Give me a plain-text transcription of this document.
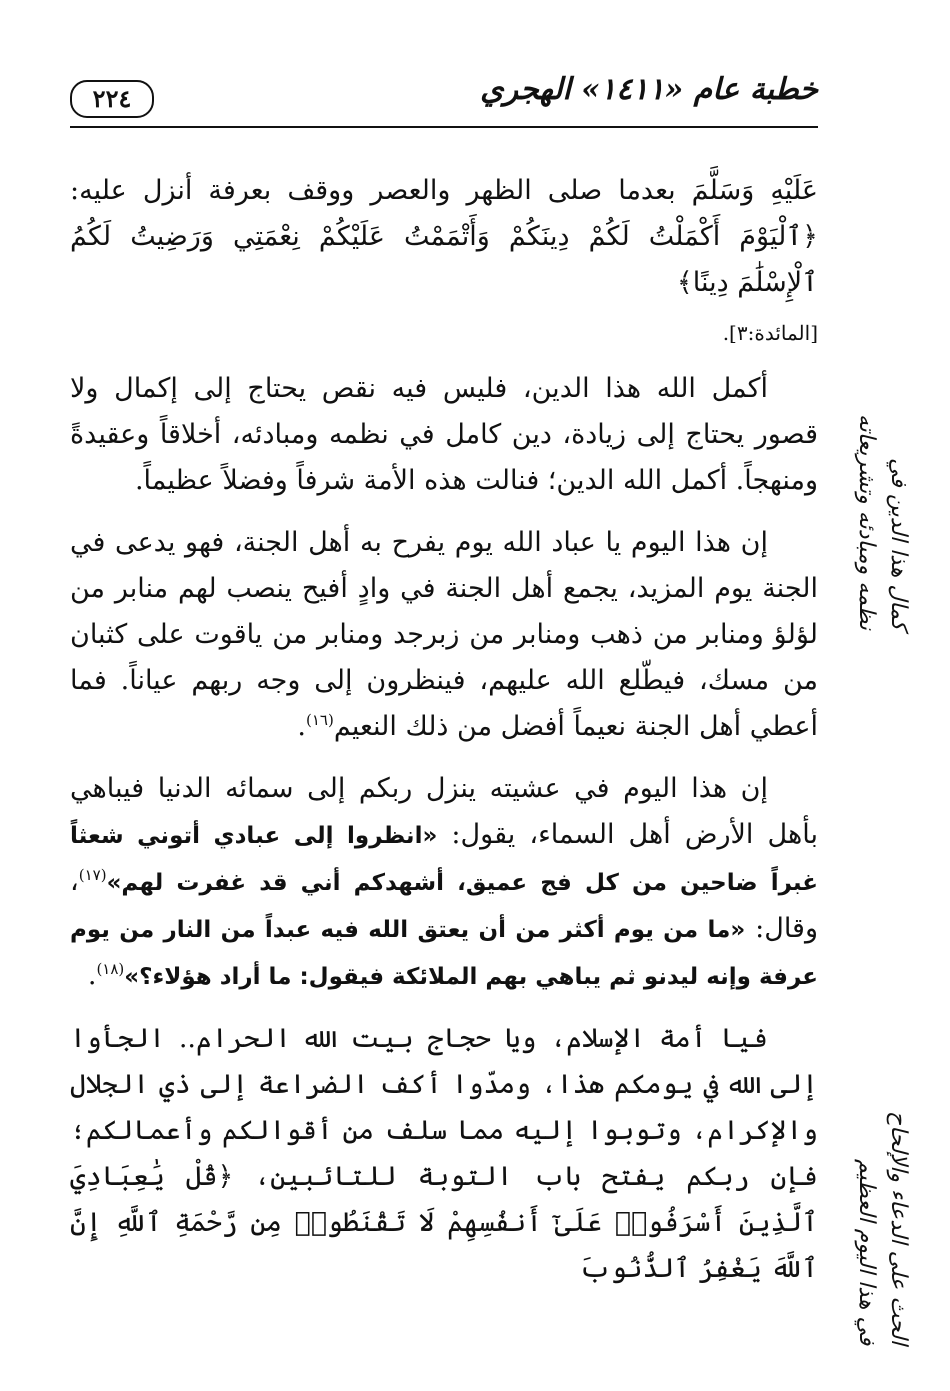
٢٢٤	خطبة عام «١٤١١» الهجري

عَلَيْهِ وَسَلَّمَ بعدما صلى الظهر والعصر ووقف بعرفة أنزل عليه: ﴿ٱلْيَوْمَ أَكْمَلْتُ لَكُمْ دِينَكُمْ وَأَتْمَمْتُ عَلَيْكُمْ نِعْمَتِي وَرَضِيتُ لَكُمُ ٱلْإِسْلَٰمَ دِينًا﴾

[المائدة:٣].

أكمل الله هذا الدين، فليس فيه نقص يحتاج إلى إكمال ولا قصور يحتاج إلى زيادة، دين كامل في نظمه ومبادئه، أخلاقاً وعقيدةً ومنهجاً. أكمل الله الدين؛ فنالت هذه الأمة شرفاً وفضلاً عظيماً.

إن هذا اليوم يا عباد الله يوم يفرح به أهل الجنة، فهو يدعى في الجنة يوم المزيد، يجمع أهل الجنة في وادٍ أفيح ينصب لهم منابر من لؤلؤ ومنابر من ذهب ومنابر من زبرجد ومنابر من ياقوت على كثبان من مسك، فيطّلع الله عليهم، فينظرون إلى وجه ربهم عياناً. فما أعطي أهل الجنة نعيماً أفضل من ذلك النعيم$^{(١٦)}$.

إن هذا اليوم في عشيته ينزل ربكم إلى سمائه الدنيا فيباهي بأهل الأرض أهل السماء، يقول: «انظروا إلى عبادي أتوني شعثاً غبراً ضاحين من كل فج عميق، أشهدكم أني قد غفرت لهم»$^{(١٧)}$، وقال: «ما من يوم أكثر من أن يعتق الله فيه عبداً من النار من يوم عرفة وإنه ليدنو ثم يباهي بهم الملائكة فيقول: ما أراد هؤلاء؟»$^{(١٨)}$.

فيا أمة الإسلام، ويا حجاج بيت الله الحرام.. الجأوا إلى الله في يومكم هذا، ومدّوا أكف الضراعة إلى ذي الجلال والإكرام، وتوبوا إليه مما سلف من أقوالكم وأعمالكم؛ فإن ربكم يفتح باب التوبة للتائبين، ﴿قُلْ يَٰعِبَادِيَ ٱلَّذِينَ أَسْرَفُوا۟ عَلَىٰٓ أَنفُسِهِمْ لَا تَقْنَطُوا۟ مِن رَّحْمَةِ ٱللَّهِ إِنَّ ٱللَّهَ يَغْفِرُ ٱلذُّنُوبَ

كمال هذا الدين في
نظمه ومبادئه وتشريعاته
الحث على الدعاء والإلحاح
في هذا اليوم العظيم
